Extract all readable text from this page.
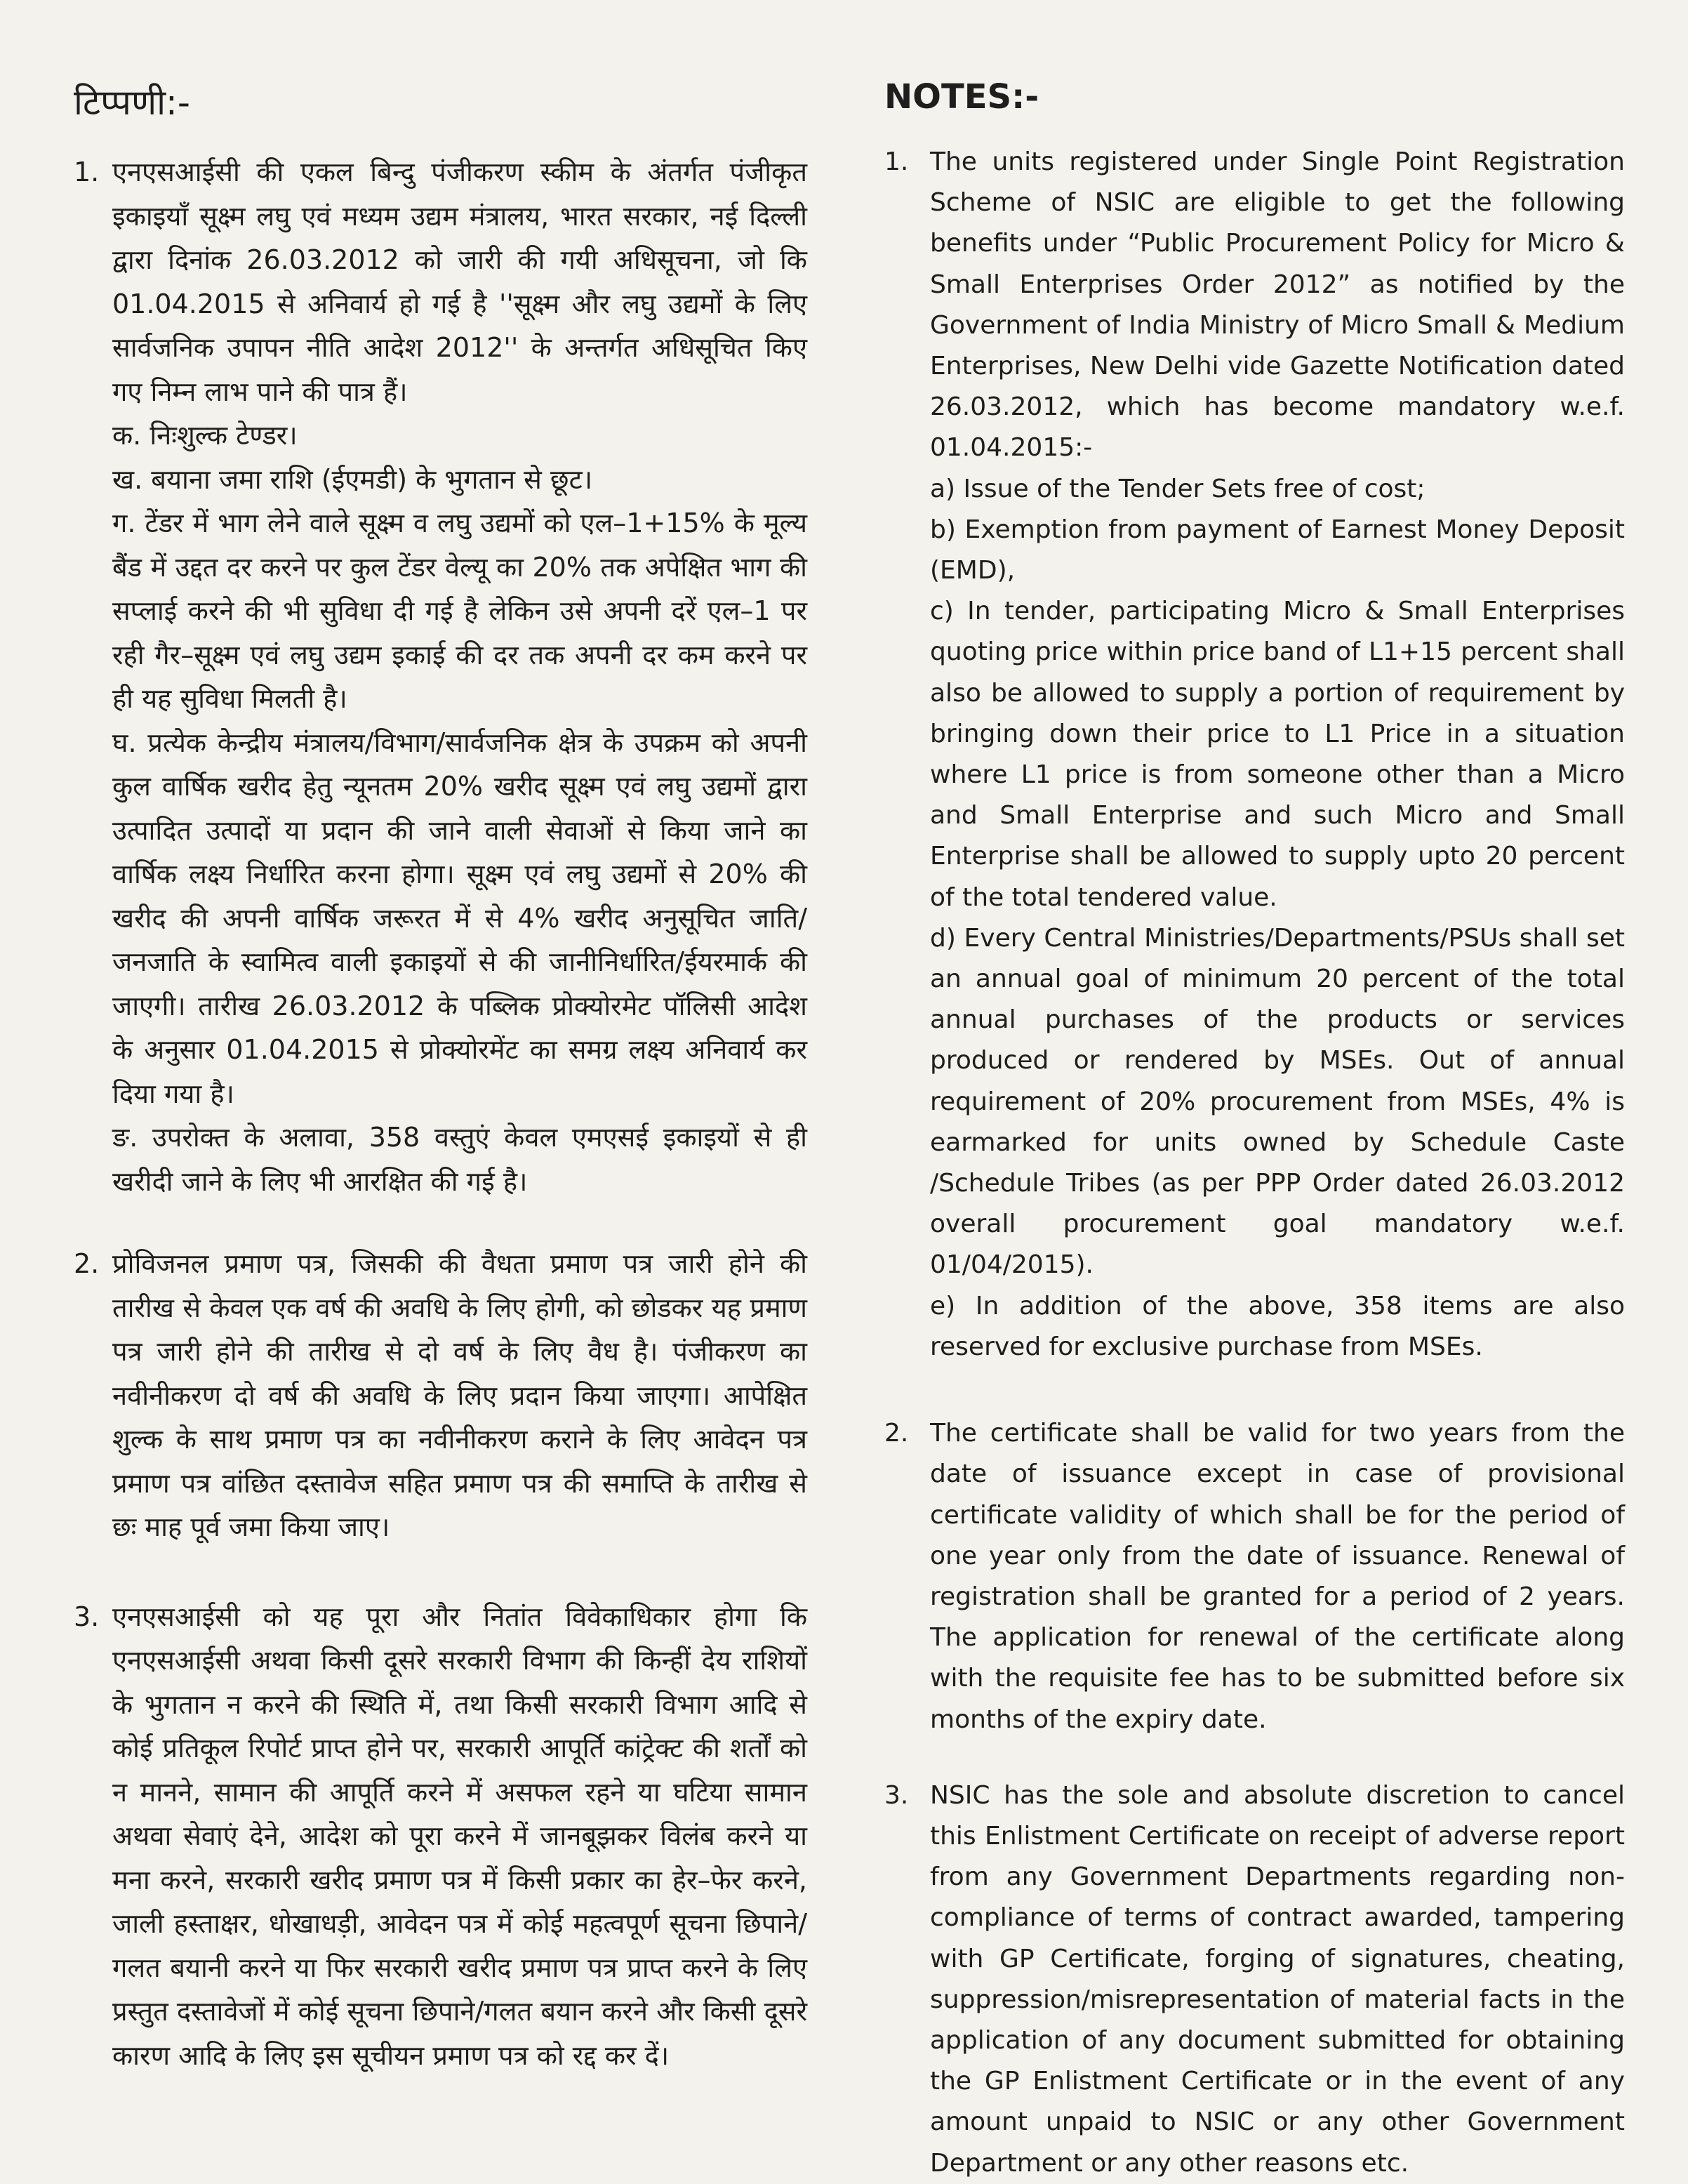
टिप्पणी:-
1. एनएसआईसी की एकल बिन्दु पंजीकरण स्कीम के अंतर्गत पंजीकृत इकाइयाँ सूक्ष्म लघु एवं मध्यम उद्यम मंत्रालय, भारत सरकार, नई दिल्ली द्वारा दिनांक 26.03.2012 को जारी की गयी अधिसूचना, जो कि 01.04.2015 से अनिवार्य हो गई है ''सूक्ष्म और लघु उद्यमों के लिए सार्वजनिक उपापन नीति आदेश 2012'' के अन्तर्गत अधिसूचित किए गए निम्न लाभ पाने की पात्र हैं।

क. निःशुल्क टेण्डर।

ख. बयाना जमा राशि (ईएमडी) के भुगतान से छूट।

ग. टेंडर में भाग लेने वाले सूक्ष्म व लघु उद्यमों को एल–1+15% के मूल्य बैंड में उद्दत दर करने पर कुल टेंडर वेल्यू का 20% तक अपेक्षित भाग की सप्लाई करने की भी सुविधा दी गई है लेकिन उसे अपनी दरें एल–1 पर रही गैर–सूक्ष्म एवं लघु उद्यम इकाई की दर तक अपनी दर कम करने पर ही यह सुविधा मिलती है।

घ. प्रत्येक केन्द्रीय मंत्रालय/विभाग/सार्वजनिक क्षेत्र के उपक्रम को अपनी कुल वार्षिक खरीद हेतु न्यूनतम 20% खरीद सूक्ष्म एवं लघु उद्यमों द्वारा उत्पादित उत्पादों या प्रदान की जाने वाली सेवाओं से किया जाने का वार्षिक लक्ष्य निर्धारित करना होगा। सूक्ष्म एवं लघु उद्यमों से 20% की खरीद की अपनी वार्षिक जरूरत में से 4% खरीद अनुसूचित जाति/जनजाति के स्वामित्व वाली इकाइयों से की जानीनिर्धारित/ईयरमार्क की जाएगी। तारीख 26.03.2012 के पब्लिक प्रोक्योरमेट पॉलिसी आदेश के अनुसार 01.04.2015 से प्रोक्योरमेंट का समग्र लक्ष्य अनिवार्य कर दिया गया है।

ङ. उपरोक्त के अलावा, 358 वस्तुएं केवल एमएसई इकाइयों से ही खरीदी जाने के लिए भी आरक्षित की गई है।

2. प्रोविजनल प्रमाण पत्र, जिसकी की वैधता प्रमाण पत्र जारी होने की तारीख से केवल एक वर्ष की अवधि के लिए होगी, को छोडकर यह प्रमाण पत्र जारी होने की तारीख से दो वर्ष के लिए वैध है। पंजीकरण का नवीनीकरण दो वर्ष की अवधि के लिए प्रदान किया जाएगा। आपेक्षित शुल्क के साथ प्रमाण पत्र का नवीनीकरण कराने के लिए आवेदन पत्र प्रमाण पत्र वांछित दस्तावेज सहित प्रमाण पत्र की समाप्ति के तारीख से छः माह पूर्व जमा किया जाए।

3. एनएसआईसी को यह पूरा और नितांत विवेकाधिकार होगा कि एनएसआईसी अथवा किसी दूसरे सरकारी विभाग की किन्हीं देय राशियों के भुगतान न करने की स्थिति में, तथा किसी सरकारी विभाग आदि से कोई प्रतिकूल रिपोर्ट प्राप्त होने पर, सरकारी आपूर्ति कांट्रेक्ट की शर्तों को न मानने, सामान की आपूर्ति करने में असफल रहने या घटिया सामान अथवा सेवाएं देने, आदेश को पूरा करने में जानबूझकर विलंब करने या मना करने, सरकारी खरीद प्रमाण पत्र में किसी प्रकार का हेर–फेर करने, जाली हस्ताक्षर, धोखाधड़ी, आवेदन पत्र में कोई महत्वपूर्ण सूचना छिपाने/गलत बयानी करने या फिर सरकारी खरीद प्रमाण पत्र प्राप्त करने के लिए प्रस्तुत दस्तावेजों में कोई सूचना छिपाने/गलत बयान करने और किसी दूसरे कारण आदि के लिए इस सूचीयन प्रमाण पत्र को रद्द कर दें।

NOTES:-
1. The units registered under Single Point Registration Scheme of NSIC are eligible to get the following benefits under “Public Procurement Policy for Micro & Small Enterprises Order 2012” as notified by the Government of India Ministry of Micro Small & Medium Enterprises, New Delhi vide Gazette Notification dated 26.03.2012, which has become mandatory w.e.f. 01.04.2015:-

a) Issue of the Tender Sets free of cost;

b) Exemption from payment of Earnest Money Deposit (EMD),

c) In tender, participating Micro & Small Enterprises quoting price within price band of L1+15 percent shall also be allowed to supply a portion of requirement by bringing down their price to L1 Price in a situation where L1 price is from someone other than a Micro and Small Enterprise and such Micro and Small Enterprise shall be allowed to supply upto 20 percent of the total tendered value.

d) Every Central Ministries/Departments/PSUs shall set an annual goal of minimum 20 percent of the total annual purchases of the products or services produced or rendered by MSEs. Out of annual requirement of 20% procurement from MSEs, 4% is earmarked for units owned by Schedule Caste /Schedule Tribes (as per PPP Order dated 26.03.2012 overall procurement goal mandatory w.e.f. 01/04/2015).

e) In addition of the above, 358 items are also reserved for exclusive purchase from MSEs.

2. The certificate shall be valid for two years from the date of issuance except in case of provisional certificate validity of which shall be for the period of one year only from the date of issuance. Renewal of registration shall be granted for a period of 2 years. The application for renewal of the certificate along with the requisite fee has to be submitted before six months of the expiry date.

3. NSIC has the sole and absolute discretion to cancel this Enlistment Certificate on receipt of adverse report from any Government Departments regarding non-compliance of terms of contract awarded, tampering with GP Certificate, forging of signatures, cheating, suppression/misrepresentation of material facts in the application of any document submitted for obtaining the GP Enlistment Certificate or in the event of any amount unpaid to NSIC or any other Government Department or any other reasons etc.
